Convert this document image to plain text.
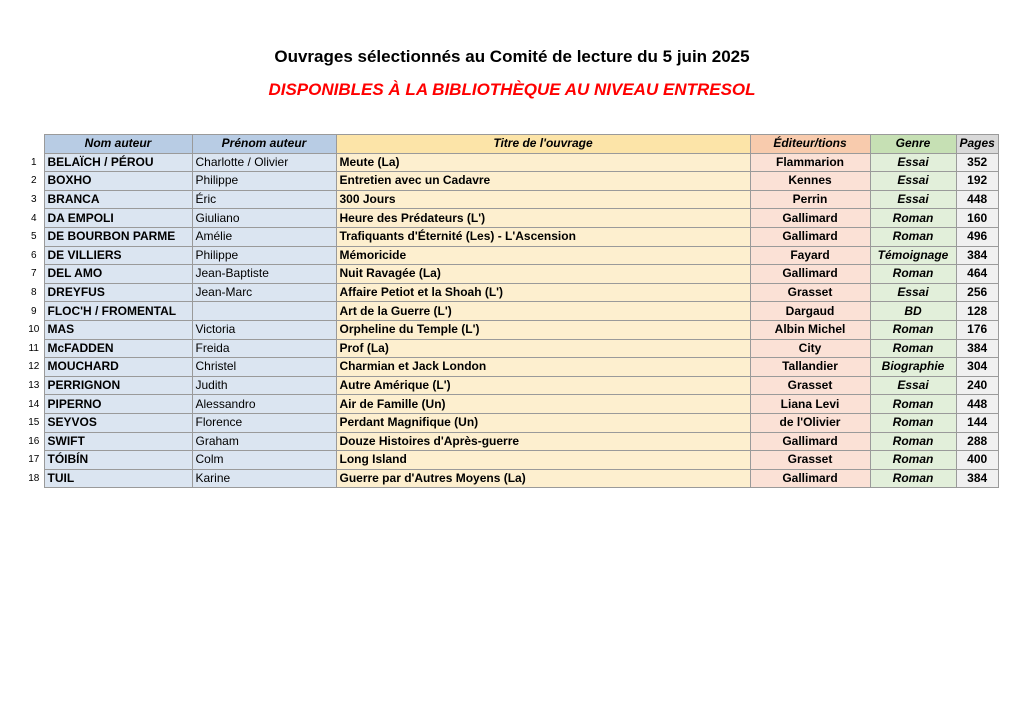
Ouvrages sélectionnés au Comité de lecture du 5 juin 2025
DISPONIBLES À LA BIBLIOTHÈQUE AU NIVEAU ENTRESOL
	Nom auteur	Prénom auteur	Titre de l'ouvrage	Éditeur/tions	Genre	Pages
1	BELAÏCH / PÉROU	Charlotte / Olivier	Meute (La)	Flammarion	Essai	352
2	BOXHO	Philippe	Entretien avec un Cadavre	Kennes	Essai	192
3	BRANCA	Éric	300 Jours	Perrin	Essai	448
4	DA EMPOLI	Giuliano	Heure des Prédateurs (L')	Gallimard	Roman	160
5	DE BOURBON PARME	Amélie	Trafiquants d'Éternité (Les) - L'Ascension	Gallimard	Roman	496
6	DE VILLIERS	Philippe	Mémoricide	Fayard	Témoignage	384
7	DEL AMO	Jean-Baptiste	Nuit Ravagée (La)	Gallimard	Roman	464
8	DREYFUS	Jean-Marc	Affaire Petiot et la Shoah (L')	Grasset	Essai	256
9	FLOC'H / FROMENTAL		Art de la Guerre (L')	Dargaud	BD	128
10	MAS	Victoria	Orpheline du Temple (L')	Albin Michel	Roman	176
11	McFADDEN	Freida	Prof (La)	City	Roman	384
12	MOUCHARD	Christel	Charmian et Jack London	Tallandier	Biographie	304
13	PERRIGNON	Judith	Autre Amérique (L')	Grasset	Essai	240
14	PIPERNO	Alessandro	Air de Famille (Un)	Liana Levi	Roman	448
15	SEYVOS	Florence	Perdant Magnifique (Un)	de l'Olivier	Roman	144
16	SWIFT	Graham	Douze Histoires d'Après-guerre	Gallimard	Roman	288
17	TÓIBÍN	Colm	Long Island	Grasset	Roman	400
18	TUIL	Karine	Guerre par d'Autres Moyens (La)	Gallimard	Roman	384
